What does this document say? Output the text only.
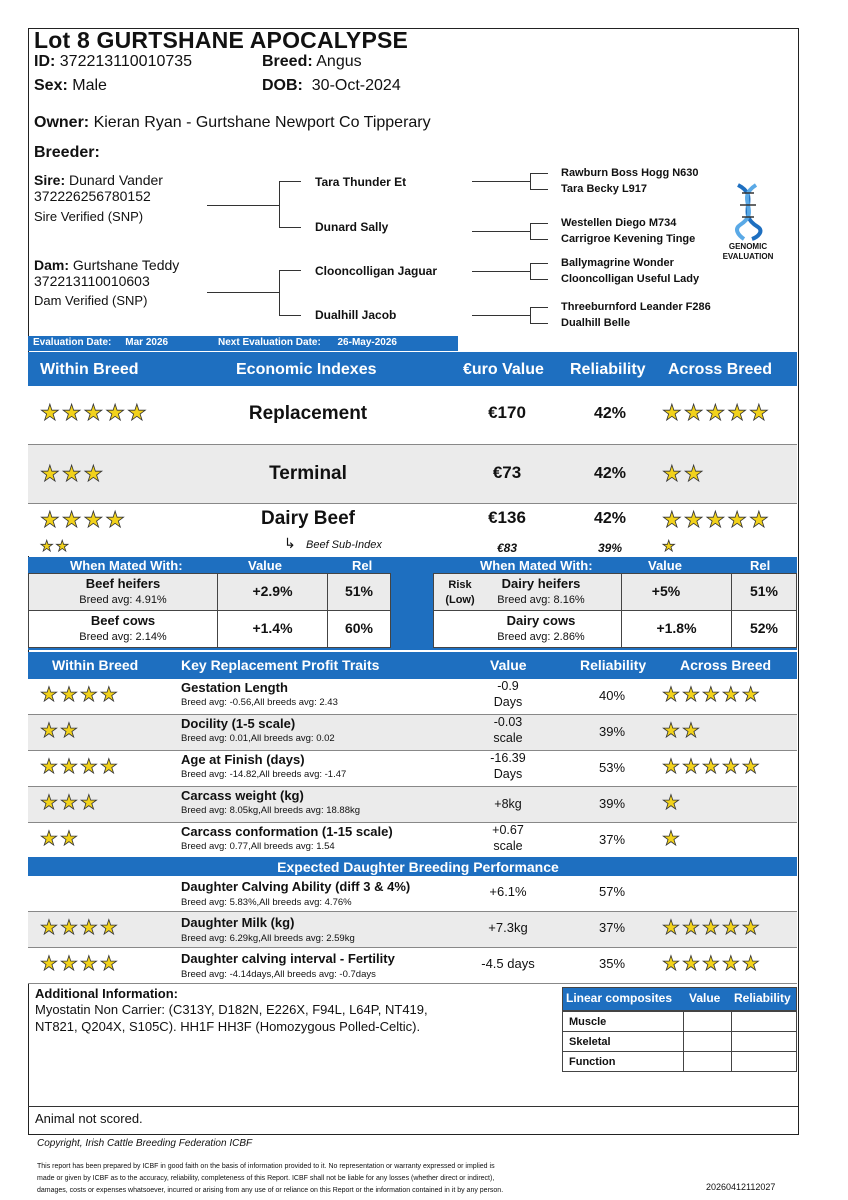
Lot 8 GURTSHANE APOCALYPSE
ID: 372213110010735	Breed: Angus
Sex: Male	DOB: 30-Oct-2024
Owner: Kieran Ryan - Gurtshane Newport Co Tipperary
Breeder:
Sire: Dunard Vander
372226256780152
Sire Verified (SNP)
Dam: Gurtshane Teddy
372213110010603
Dam Verified (SNP)
Tara Thunder Et
Dunard Sally
Clooncolligan Jaguar
Dualhill Jacob
Rawburn Boss Hogg N630
Tara Becky L917
Westellen Diego M734
Carrigroe Kevening Tinge
Ballymagrine Wonder
Clooncolligan Useful Lady
Threeburnford Leander F286
Dualhill Belle
GENOMIC
EVALUATION
Evaluation Date: Mar 2026	Next Evaluation Date: 26-May-2026
Within Breed	Economic Indexes	€uro Value Reliability Across Breed
★★★★★	Replacement	€170	42%	★★★★★
★★★	Terminal	€73	42%	★★
★★★★	Dairy Beef	€136	42%	★★★★★
★★	↳ Beef Sub-Index	€83	39%	★
When Mated With:	Value	Rel	When Mated With:	Value	Rel
Beef heifers
Breed avg: 4.91%
+2.9%	51%
Beef cows
Breed avg: 2.14%
+1.4%	60%
Risk
(Low)
Dairy heifers
Breed avg: 8.16%
+5%	51%
Dairy cows
Breed avg: 2.86%
+1.8%	52%
Within Breed	Key Replacement Profit Traits	Value	Reliability Across Breed
★★★★	Gestation Length
Breed avg: -0.56,All breeds avg: 2.43
-0.9
Days	40%	★★★★★
★★	Docility (1-5 scale)
Breed avg: 0.01,All breeds avg: 0.02
-0.03
scale	39%	★★
★★★★	Age at Finish (days)
Breed avg: -14.82,All breeds avg: -1.47
-16.39
Days	53%	★★★★★
★★★	Carcass weight (kg)
Breed avg: 8.05kg,All breeds avg: 18.88kg	+8kg	39%	★
★★	Carcass conformation (1-15 scale)
Breed avg: 0.77,All breeds avg: 1.54
+0.67
scale	37%	★
Expected Daughter Breeding Performance
Daughter Calving Ability (diff 3 & 4%)
Breed avg: 5.83%,All breeds avg: 4.76%
+6.1%	57%
★★★★	Daughter Milk (kg)
Breed avg: 6.29kg,All breeds avg: 2.59kg
+7.3kg	37%	★★★★★
★★★★	Daughter calving interval - Fertility
Breed avg: -4.14days,All breeds avg: -0.7days
-4.5 days	35%	★★★★★
Additional Information:
Myostatin Non Carrier: (C313Y, D182N, E226X, F94L, L64P, NT419,
NT821, Q204X, S105C). HH1F HH3F (Homozygous Polled-Celtic).
Linear composites Value Reliability
Muscle
Skeletal
Function
Animal not scored.
Copyright, Irish Cattle Breeding Federation ICBF
This report has been prepared by ICBF in good faith on the basis of information provided to it. No representation or warranty expressed or implied is
made or given by ICBF as to the accuracy, reliability, completeness of this Report. ICBF shall not be liable for any losses (whether direct or indirect),
damages, costs or expenses whatsoever, incurred or arising from any use of or reliance on this Report or the information contained in it by any person.	20260412112027
